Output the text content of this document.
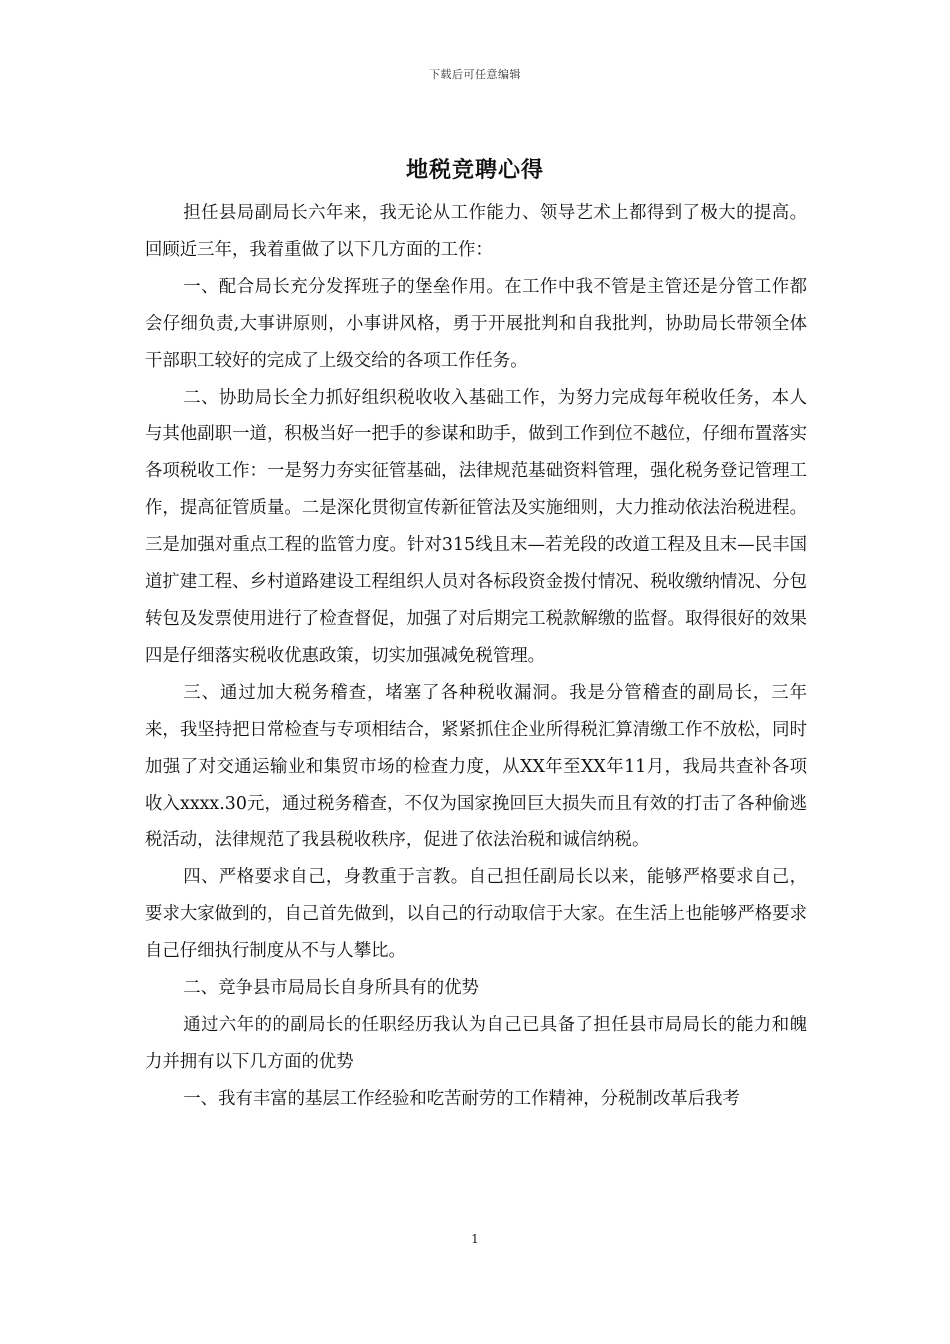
下载后可任意编辑
地税竞聘心得

担任县局副局长六年来，我无论从工作能力、领导艺术上都得到了极大的提高。回顾近三年，我着重做了以下几方面的工作：

一、配合局长充分发挥班子的堡垒作用。在工作中我不管是主管还是分管工作都会仔细负责,大事讲原则，小事讲风格，勇于开展批判和自我批判，协助局长带领全体干部职工较好的完成了上级交给的各项工作任务。

二、协助局长全力抓好组织税收收入基础工作，为努力完成每年税收任务，本人与其他副职一道，积极当好一把手的参谋和助手，做到工作到位不越位，仔细布置落实各项税收工作：一是努力夯实征管基础，法律规范基础资料管理，强化税务登记管理工作，提高征管质量。二是深化贯彻宣传新征管法及实施细则，大力推动依法治税进程。三是加强对重点工程的监管力度。针对315线且末—若羌段的改道工程及且末—民丰国道扩建工程、乡村道路建设工程组织人员对各标段资金拨付情况、税收缴纳情况、分包转包及发票使用进行了检查督促，加强了对后期完工税款解缴的监督。取得很好的效果四是仔细落实税收优惠政策，切实加强减免税管理。

三、通过加大税务稽查，堵塞了各种税收漏洞。我是分管稽查的副局长，三年来，我坚持把日常检查与专项相结合，紧紧抓住企业所得税汇算清缴工作不放松，同时加强了对交通运输业和集贸市场的检查力度，从XX年至XX年11月，我局共查补各项收入xxxx.30元，通过税务稽查，不仅为国家挽回巨大损失而且有效的打击了各种偷逃税活动，法律规范了我县税收秩序，促进了依法治税和诚信纳税。

四、严格要求自己，身教重于言教。自己担任副局长以来，能够严格要求自己，要求大家做到的，自己首先做到，以自己的行动取信于大家。在生活上也能够严格要求自己仔细执行制度从不与人攀比。

二、竞争县市局局长自身所具有的优势

通过六年的的副局长的任职经历我认为自己已具备了担任县市局局长的能力和魄力并拥有以下几方面的优势

一、我有丰富的基层工作经验和吃苦耐劳的工作精神，分税制改革后我考

1
